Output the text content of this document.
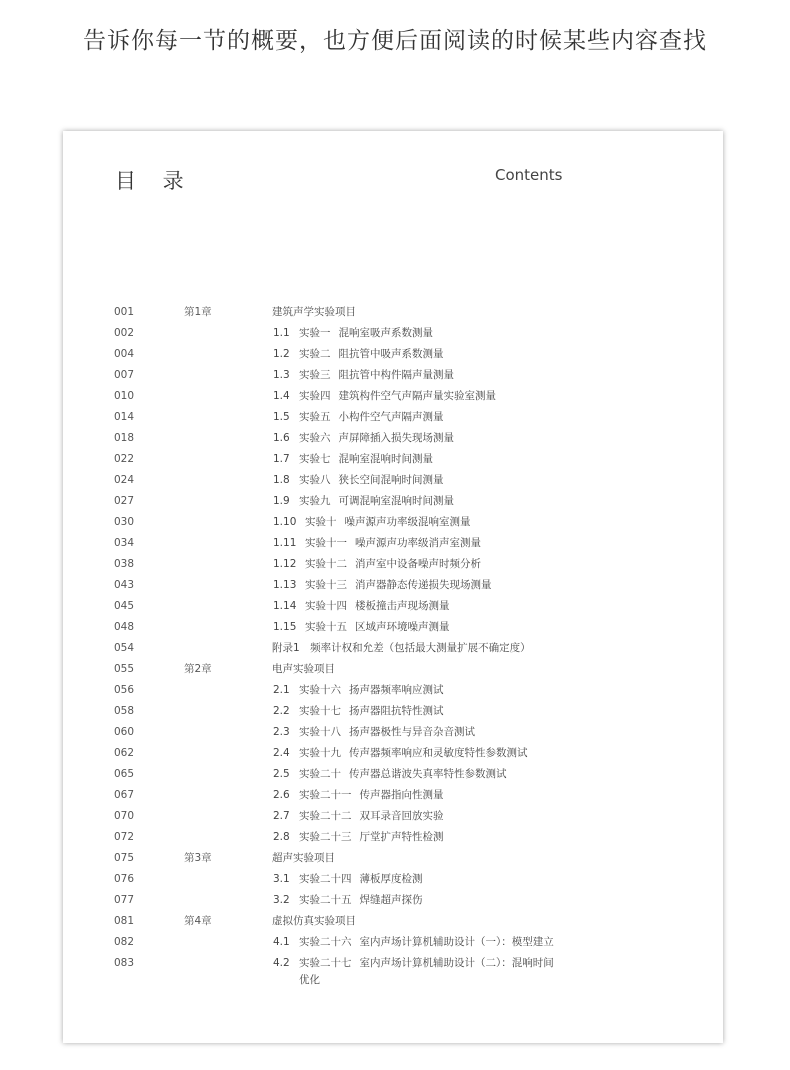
告诉你每一节的概要，也方便后面阅读的时候某些内容查找
目 录	Contents
001	第1章	建筑声学实验项目
002	1.1 实验一 混响室吸声系数测量
004	1.2 实验二 阻抗管中吸声系数测量
007	1.3 实验三 阻抗管中构件隔声量测量
010	1.4 实验四 建筑构件空气声隔声量实验室测量
014	1.5 实验五 小构件空气声隔声测量
018	1.6 实验六 声屏障插入损失现场测量
022	1.7 实验七 混响室混响时间测量
024	1.8 实验八 狭长空间混响时间测量
027	1.9 实验九 可调混响室混响时间测量
030	1.10 实验十 噪声源声功率级混响室测量
034	1.11 实验十一 噪声源声功率级消声室测量
038	1.12 实验十二 消声室中设备噪声时频分析
043	1.13 实验十三 消声器静态传递损失现场测量
045	1.14 实验十四 楼板撞击声现场测量
048	1.15 实验十五 区域声环境噪声测量
054	附录1　频率计权和允差（包括最大测量扩展不确定度）
055	第2章	电声实验项目
056	2.1 实验十六 扬声器频率响应测试
058	2.2 实验十七 扬声器阻抗特性测试
060	2.3 实验十八 扬声器极性与异音杂音测试
062	2.4 实验十九 传声器频率响应和灵敏度特性参数测试
065	2.5 实验二十 传声器总谐波失真率特性参数测试
067	2.6 实验二十一 传声器指向性测量
070	2.7 实验二十二 双耳录音回放实验
072	2.8 实验二十三 厅堂扩声特性检测
075	第3章	超声实验项目
076	3.1 实验二十四 薄板厚度检测
077	3.2 实验二十五 焊缝超声探伤
081	第4章	虚拟仿真实验项目
082	4.1 实验二十六 室内声场计算机辅助设计（一）：模型建立
083	4.2 实验二十七 室内声场计算机辅助设计（二）：混响时间
优化
